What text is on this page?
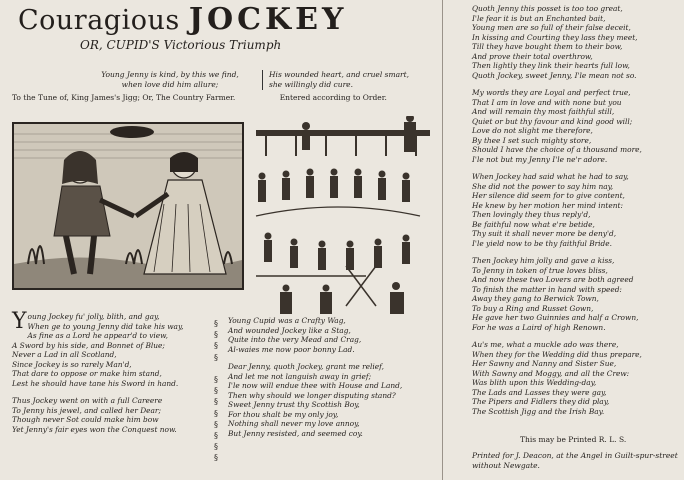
Couragious JOCKEY
OR, CUPID'S Victorious Triumph
Young Jenny is kind, by this we find,
when love did him allure;
His wounded heart, and cruel smart,
she willingly did cure.
To the Tune of, King James's Jigg; Or, The Country Farmer.	Entered according to Order.

Young Jockey fu' jolly, blith, and gay,

When ge to young Jenny did take his way,

As fine as a Lord he appear'd to view,

A Sword by his side, and Bonnet of Blue;

Never a Lad in all Scotland,

Since Jockey is so rarely Man'd,

That dare to oppose or make him stand,

Lest he should have tane his Sword in hand.

Thus Jockey went on with a full Careere

To Jenny his jewel, and called her Dear;

Though never Sot could make him bow

Yet Jenny's fair eyes won the Conquest now.

§
§
§
§

§
§
§
§
§
§
§
§

Young Cupid was a Crafty Wag,

And wounded Jockey like a Stag,

Quite into the very Mead and Crag,

Al-waies me now poor bonny Lad.

Dear Jenny, quoth Jockey, grant me relief,

And let me not languish away in grief;

I'le now will endue thee with House and Land,

Then why should we longer disputing stand?

Sweet Jenny trust thy Scottish Boy,

For thou shalt be my only joy,

Nothing shall never my love annoy,

But Jenny resisted, and seemed coy.

Quoth Jenny this posset is too too great,

I'le fear it is but an Enchanted bait,

Young men are so full of their false deceit,

In kissing and Courting they lass they meet,

Till they have bought them to their bow,

And prove their total overthrow,

Then lightly they link their hearts full low,

Quoth Jockey, sweet Jenny, I'le mean not so.

My words they are Loyal and perfect true,

That I am in love and with none but you

And will remain thy most faithful still,

Quiet or but thy favour and kind good will;

Love do not slight me therefore,

By thee I set such mighty store,

Should I have the choice of a thousand more,

I'le not but my Jenny I'le ne'r adore.

When Jockey had said what he had to say,

She did not the power to say him nay,

Her silence did seem for to give content,

He knew by her motion her mind intent:

Then lovingly they thus reply'd,

Be faithful now what e're betide,

Thy suit it shall never more be deny'd,

I'le yield now to be thy faithful Bride.

Then Jockey him jolly and gave a kiss,

To Jenny in token of true loves bliss,

And now these two Lovers are both agreed

To finish the matter in hand with speed:

Away they gang to Berwick Town,

To buy a Ring and Russet Gown,

He gave her two Guinnies and half a Crown,

For he was a Laird of high Renown.

Au's me, what a muckle ado was there,

When they for the Wedding did thus prepare,

Her Sawny and Nanny and Sister Sue,

With Sawny and Moggy, and all the Crew:

Was blith upon this Wedding-day,

The Lads and Lasses they were gay,

The Pipers and Fidlers they did play,

The Scottish Jigg and the Irish Bay.

This may be Printed R. L. S.
Printed for J. Deacon, at the Angel in Guilt-spur-street without Newgate.
